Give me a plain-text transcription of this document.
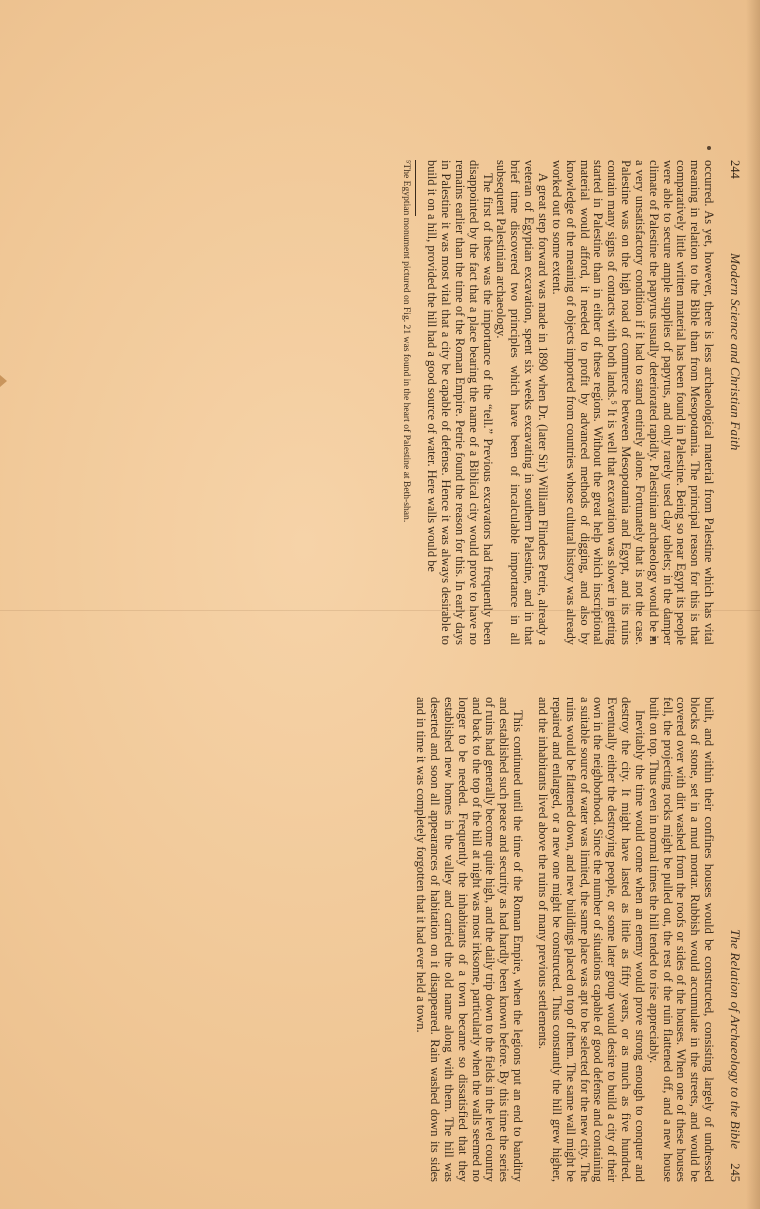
244
Modern Science and Christian Faith

occurred. As yet, however, there is less archaeological material from Palestine which has vital meaning in relation to the Bible than from Mesopotamia. The principal reason for this is that comparatively little written material has been found in Palestine. Being so near Egypt its people were able to secure ample supplies of papyrus, and only rarely used clay tablets; in the damper climate of Palestine the papyrus usually deteriorated rapidly. Palestinian archaeology would be in a very unsatisfactory condition if it had to stand entirely alone. Fortunately that is not the case. Palestine was on the high road of commerce between Mesopotamia and Egypt, and its ruins contain many signs of contacts with both lands.⁵ It is well that excavation was slower in getting started in Palestine than in either of these regions. Without the great help which inscriptional material would afford, it needed to profit by advanced methods of digging, and also by knowledge of the meaning of objects imported from countries whose cultural history was already worked out to some extent.

A great step forward was made in 1890 when Dr. (later Sir) William Flinders Petrie, already a veteran of Egyptian excavation, spent six weeks excavating in southern Palestine, and in that brief time discovered two principles which have been of incalculable importance in all subsequent Palestinian archaeology.

The first of these was the importance of the “tell.” Previous excavators had frequently been disappointed by the fact that a place bearing the name of a Biblical city would prove to have no remains earlier than the time of the Roman Empire. Petrie found the reason for this. In early days in Palestine it was most vital that a city be capable of defense. Hence it was always desirable to build it on a hill, provided the hill had a good source of water. Here walls would be

⁵The Egyptian monument pictured on Fig. 21 was found in the heart of Palestine at Beth-shan.

The Relation of Archaeology to the Bible
245

built, and within their confines houses would be constructed, consisting largely of undressed blocks of stone, set in a mud mortar. Rubbish would accumulate in the streets, and would be covered over with dirt washed from the roofs or sides of the houses. When one of these houses fell, the projecting rocks might be pulled out, the rest of the ruin flattened off, and a new house built on top. Thus even in normal times the hill tended to rise appreciably.

Inevitably the time would come when an enemy would prove strong enough to conquer and destroy the city. It might have lasted as little as fifty years, or as much as five hundred. Eventually either the destroying people, or some later group would desire to build a city of their own in the neighborhood. Since the number of situations capable of good defense and containing a suitable source of water was limited, the same place was apt to be selected for the new city. The ruins would be flattened down, and new buildings placed on top of them. The same wall might be repaired and enlarged, or a new one might be constructed. Thus constantly the hill grew higher, and the inhabitants lived above the ruins of many previous settlements.

This continued until the time of the Roman Empire, when the legions put an end to banditry and established such peace and security as had hardly been known before. By this time the series of ruins had generally become quite high, and the daily trip down to the fields in the level country and back to the top of the hill at night was most irksome, particularly when the walls seemed no longer to be needed. Frequently the inhabitants of a town became so dissatisfied that they established new homes in the valley and carried the old name along with them. The hill was deserted and soon all appearances of habitation on it disappeared. Rain washed down its sides and in time it was completely forgotten that it had ever held a town.
